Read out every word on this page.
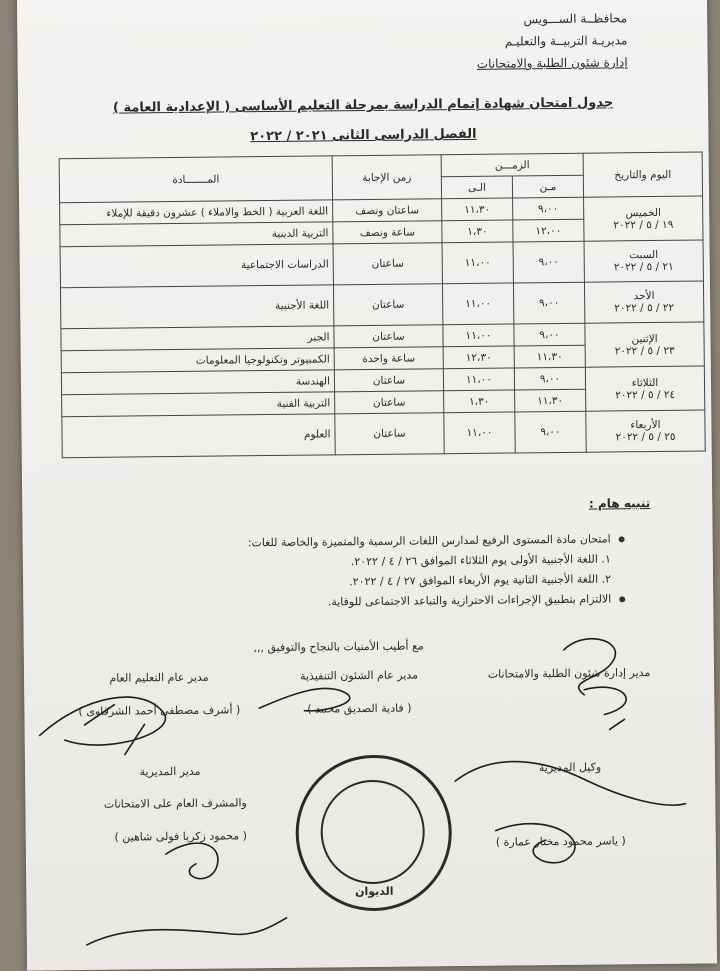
محافظــة الســـويس
مديريـة التربيــة والتعليـم
إدارة شئون الطلبة والامتحانات
جدول امتحان شهادة إتمام الدراسة بمرحلة التعليم الأساسى ( الإعدادية العامة )
الفصل الدراسى الثانى ٢٠٢١ / ٢٠٢٢
اليوم والتاريخ	الزمـــن		زمن الإجابة	المـــــــادة
	مـن	الـى		

الخميس
١٩ / ٥ / ٢٠٢٢	٩،٠٠	١١،٣٠	ساعتان ونصف	اللغة العربية ( الخط والاملاء ) عشرون دقيقة للإملاء
	١٢،٠٠	١،٣٠	ساعة ونصف	التربية الدينية

السبت
٢١ / ٥ / ٢٠٢٢	٩،٠٠	١١،٠٠	ساعتان	الدراسات الاجتماعية

الأحد
٢٢ / ٥ / ٢٠٢٢	٩،٠٠	١١،٠٠	ساعتان	اللغة الأجنبية

الإثنين
٢٣ / ٥ / ٢٠٢٢	٩،٠٠	١١،٠٠	ساعتان	الجبر
	١١،٣٠	١٢،٣٠	ساعة واحدة	الكمبيوتر وتكنولوجيا المعلومات

الثلاثاء
٢٤ / ٥ / ٢٠٢٢	٩،٠٠	١١،٠٠	ساعتان	الهندسة
	١١،٣٠	١،٣٠	ساعتان	التربية الفنية

الأربعاء
٢٥ / ٥ / ٢٠٢٢	٩،٠٠	١١،٠٠	ساعتان	العلوم
تنبيه هام :
امتحان مادة المستوى الرفيع لمدارس اللغات الرسمية والمتميزة والخاصة للغات:
١. اللغة الأجنبية الأولى يوم الثلاثاء الموافق ٢٦ / ٤ / ٢٠٢٢.
٢. اللغة الأجنبية الثانية يوم الأربعاء الموافق ٢٧ / ٤ / ٢٠٢٢.
الالتزام بتطبيق الإجراءات الاحترازية والتباعد الاجتماعى للوقاية.
مع أطيب الأمنيات بالنجاح والتوفيق ,,,
مدير إدارة شئون الطلبة والامتحانات
مدير عام الشئون التنفيذية
( فادية الصديق محمد )
مدير عام التعليم العام
( أشرف مصطفى أحمد الشرقاوى )
وكيل المديرية
( ياسر محمود مختار عمارة )
مدير المديرية
والمشرف العام على الامتحانات
( محمود زكريا فولى شاهين )
الديوان
